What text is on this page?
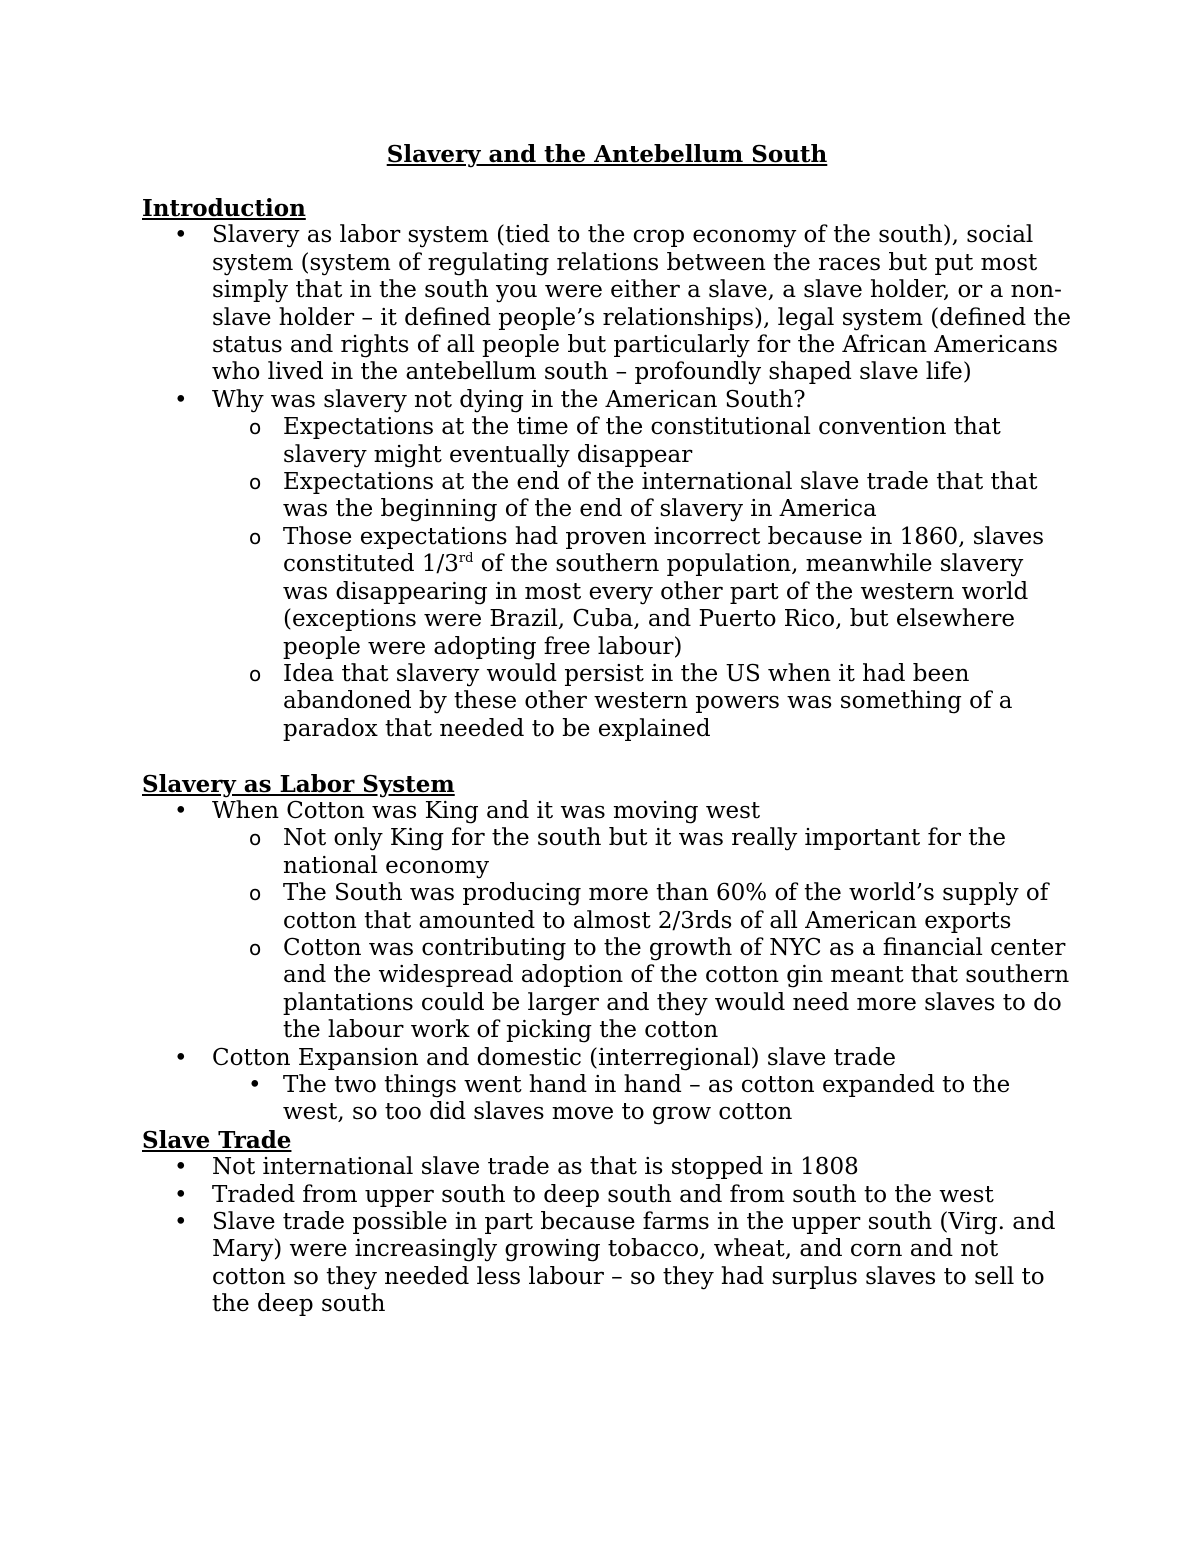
Slavery and the Antebellum South
Introduction
• Slavery as labor system (tied to the crop economy of the south), social system (system of regulating relations between the races but put most simply that in the south you were either a slave, a slave holder, or a non-slave holder – it defined people’s relationships), legal system (defined the status and rights of all people but particularly for the African Americans who lived in the antebellum south – profoundly shaped slave life)
• Why was slavery not dying in the American South?
o Expectations at the time of the constitutional convention that slavery might eventually disappear
o Expectations at the end of the international slave trade that that was the beginning of the end of slavery in America
o Those expectations had proven incorrect because in 1860, slaves constituted 1/3rd of the southern population, meanwhile slavery was disappearing in most every other part of the western world (exceptions were Brazil, Cuba, and Puerto Rico, but elsewhere people were adopting free labour)
o Idea that slavery would persist in the US when it had been abandoned by these other western powers was something of a paradox that needed to be explained
Slavery as Labor System
• When Cotton was King and it was moving west
o Not only King for the south but it was really important for the national economy
o The South was producing more than 60% of the world’s supply of cotton that amounted to almost 2/3rds of all American exports
o Cotton was contributing to the growth of NYC as a financial center and the widespread adoption of the cotton gin meant that southern plantations could be larger and they would need more slaves to do the labour work of picking the cotton
• Cotton Expansion and domestic (interregional) slave trade
• The two things went hand in hand – as cotton expanded to the west, so too did slaves move to grow cotton
Slave Trade
• Not international slave trade as that is stopped in 1808
• Traded from upper south to deep south and from south to the west
• Slave trade possible in part because farms in the upper south (Virg. and Mary) were increasingly growing tobacco, wheat, and corn and not cotton so they needed less labour – so they had surplus slaves to sell to the deep south
